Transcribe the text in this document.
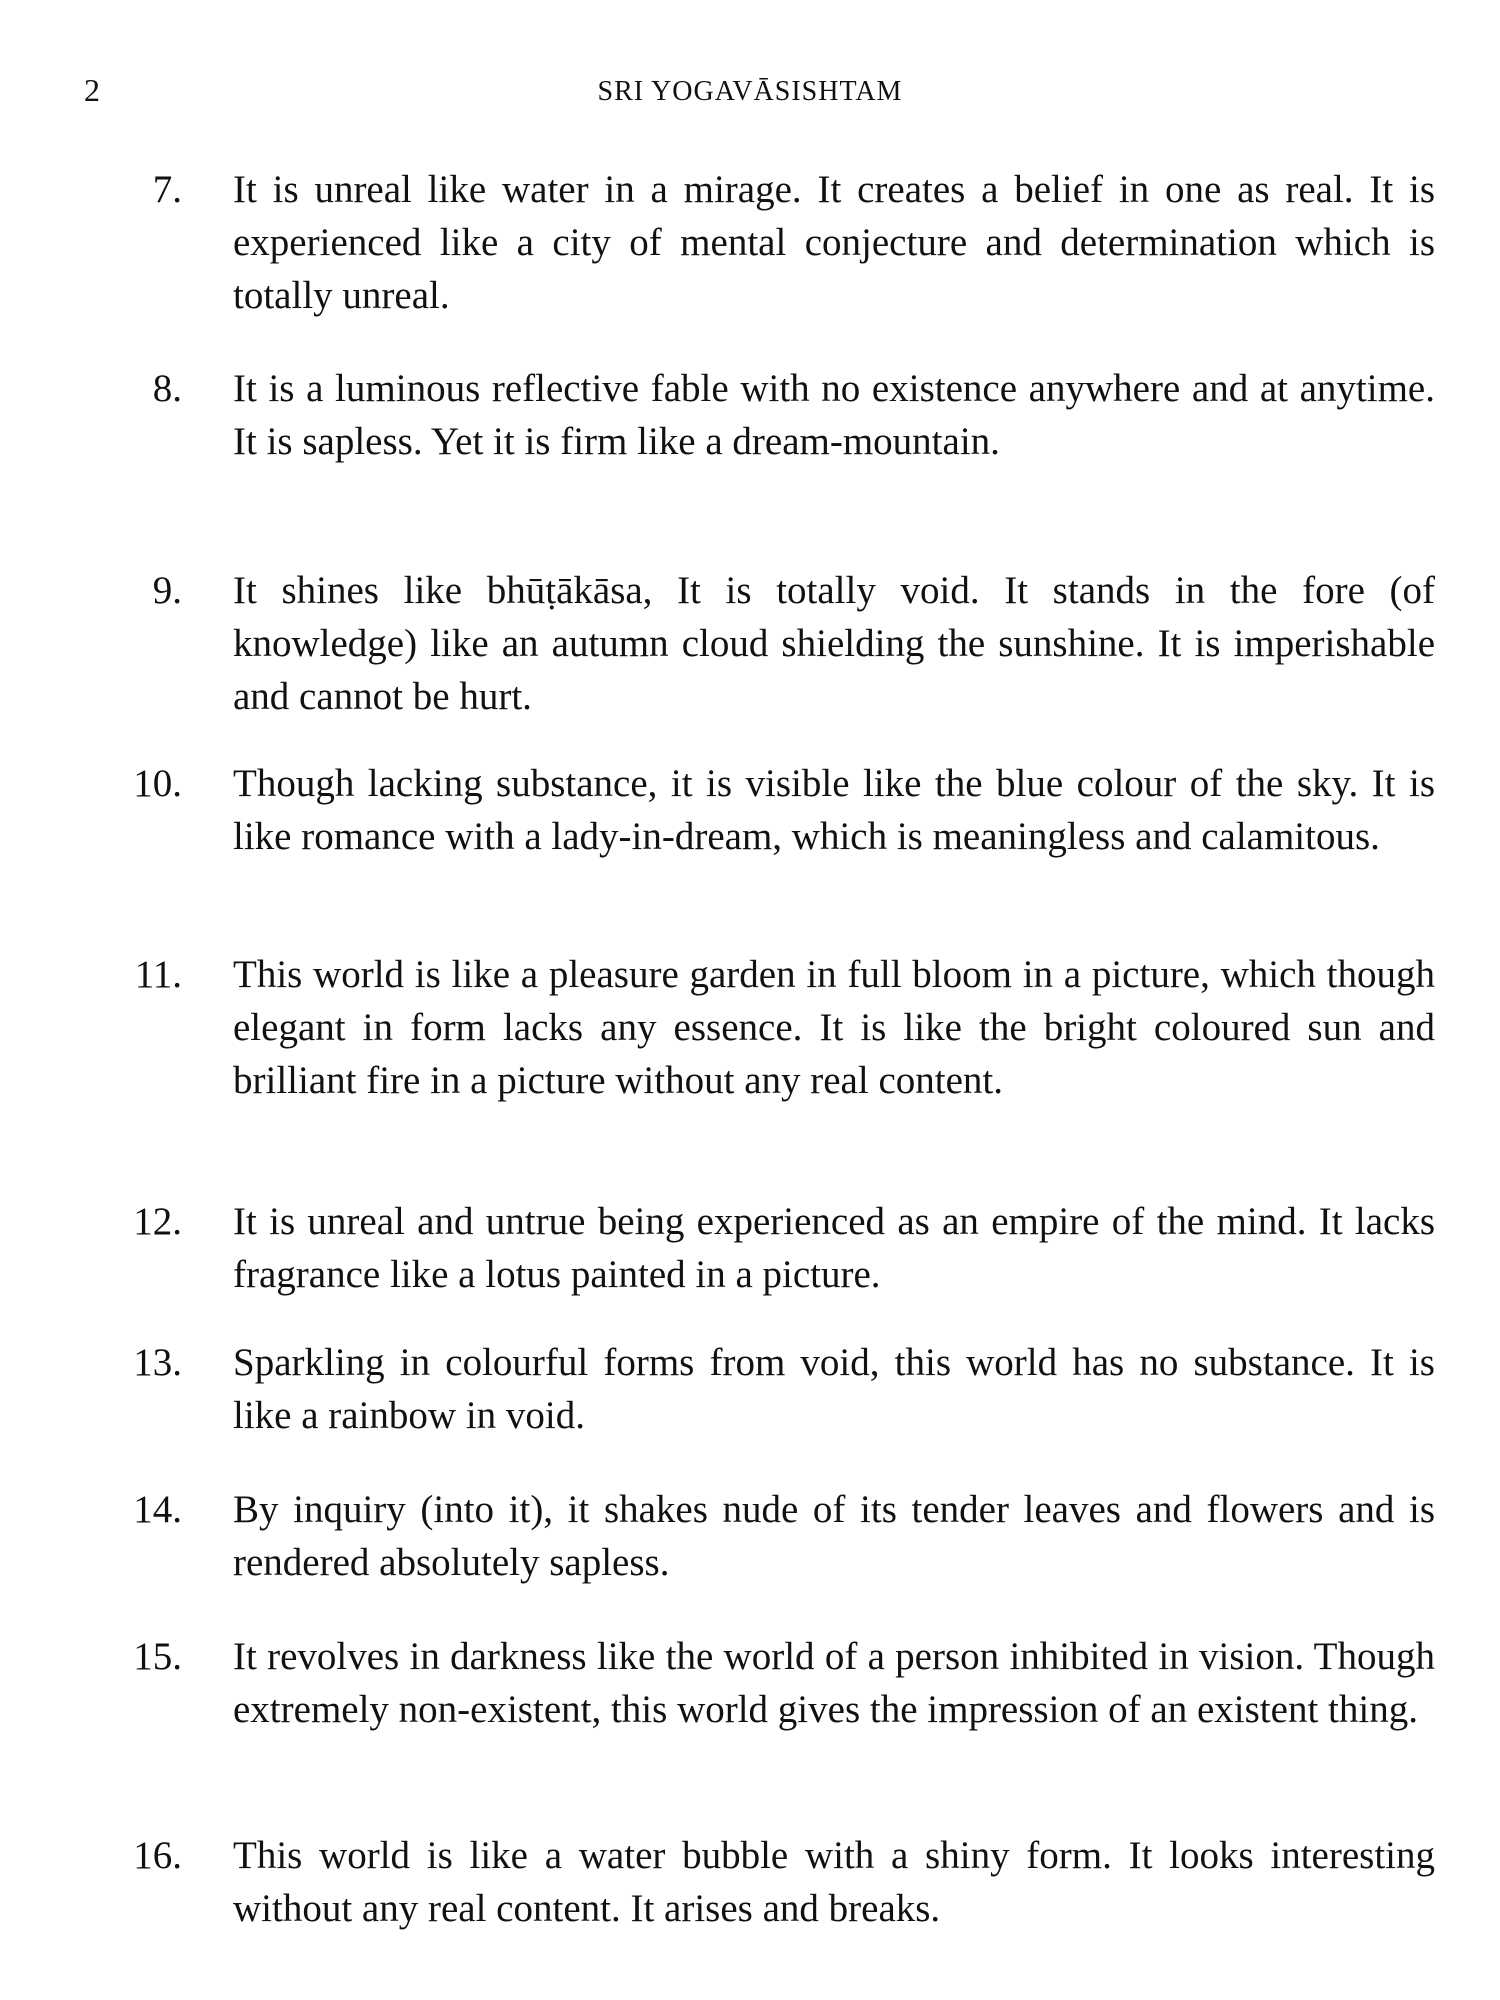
2	SRI YOGAVĀSISHTAM
7. It is unreal like water in a mirage. It creates a belief in one as real. It is experienced like a city of mental conjecture and determination which is totally unreal.
8. It is a luminous reflective fable with no existence anywhere and at anytime. It is sapless. Yet it is firm like a dream-mountain.
9. It shines like bhūṭākāsa, It is totally void. It stands in the fore (of knowledge) like an autumn cloud shielding the sunshine. It is imperishable and cannot be hurt.
10. Though lacking substance, it is visible like the blue colour of the sky. It is like romance with a lady-in-dream, which is meaningless and calamitous.
11. This world is like a pleasure garden in full bloom in a picture, which though elegant in form lacks any essence. It is like the bright coloured sun and brilliant fire in a picture without any real content.
12. It is unreal and untrue being experienced as an empire of the mind. It lacks fragrance like a lotus painted in a picture.
13. Sparkling in colourful forms from void, this world has no substance. It is like a rainbow in void.
14. By inquiry (into it), it shakes nude of its tender leaves and flowers and is rendered absolutely sapless.
15. It revolves in darkness like the world of a person inhibited in vision. Though extremely non-existent, this world gives the impression of an existent thing.
16. This world is like a water bubble with a shiny form. It looks interesting without any real content. It arises and breaks.
